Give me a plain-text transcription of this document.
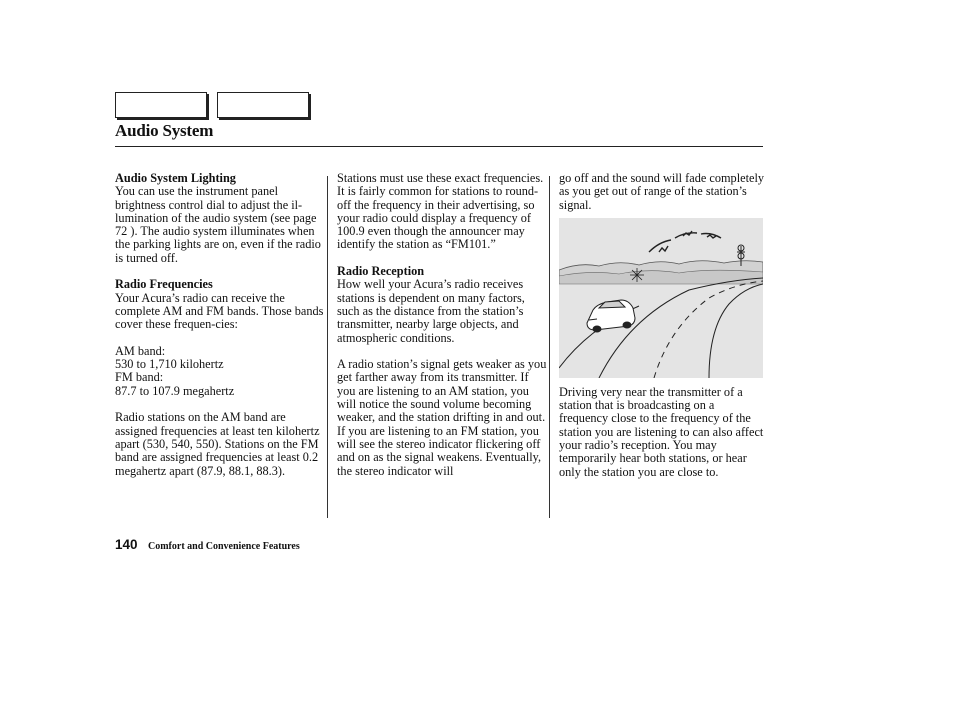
Audio System
Audio System Lighting
You can use the instrument panel brightness control dial to adjust the il-lumination of the audio system (see page 72 ). The audio system illuminates when the parking lights are on, even if the radio is turned off.
Radio Frequencies
Your Acura’s radio can receive the complete AM and FM bands. Those bands cover these frequen-cies:
AM band:
530 to 1,710 kilohertz
FM band:
87.7 to 107.9 megahertz
Radio stations on the AM band are assigned frequencies at least ten kilohertz apart (530, 540, 550). Stations on the FM band are assigned frequencies at least 0.2 megahertz apart (87.9, 88.1, 88.3).
Stations must use these exact frequencies. It is fairly common for stations to round-off the frequency in their advertising, so your radio could display a frequency of 100.9 even though the announcer may identify the station as “FM101.”
Radio Reception
How well your Acura’s radio receives stations is dependent on many factors, such as the distance from the station’s transmitter, nearby large objects, and atmospheric conditions.
A radio station’s signal gets weaker as you get farther away from its transmitter. If you are listening to an AM station, you will notice the sound volume becoming weaker, and the station drifting in and out. If you are listening to an FM station, you will see the stereo indicator flickering off and on as the signal weakens. Eventually, the stereo indicator will
go off and the sound will fade completely as you get out of range of the station’s signal.
Driving very near the transmitter of a station that is broadcasting on a frequency close to the frequency of the station you are listening to can also affect your radio’s reception. You may temporarily hear both stations, or hear only the station you are close to.
140 Comfort and Convenience Features
